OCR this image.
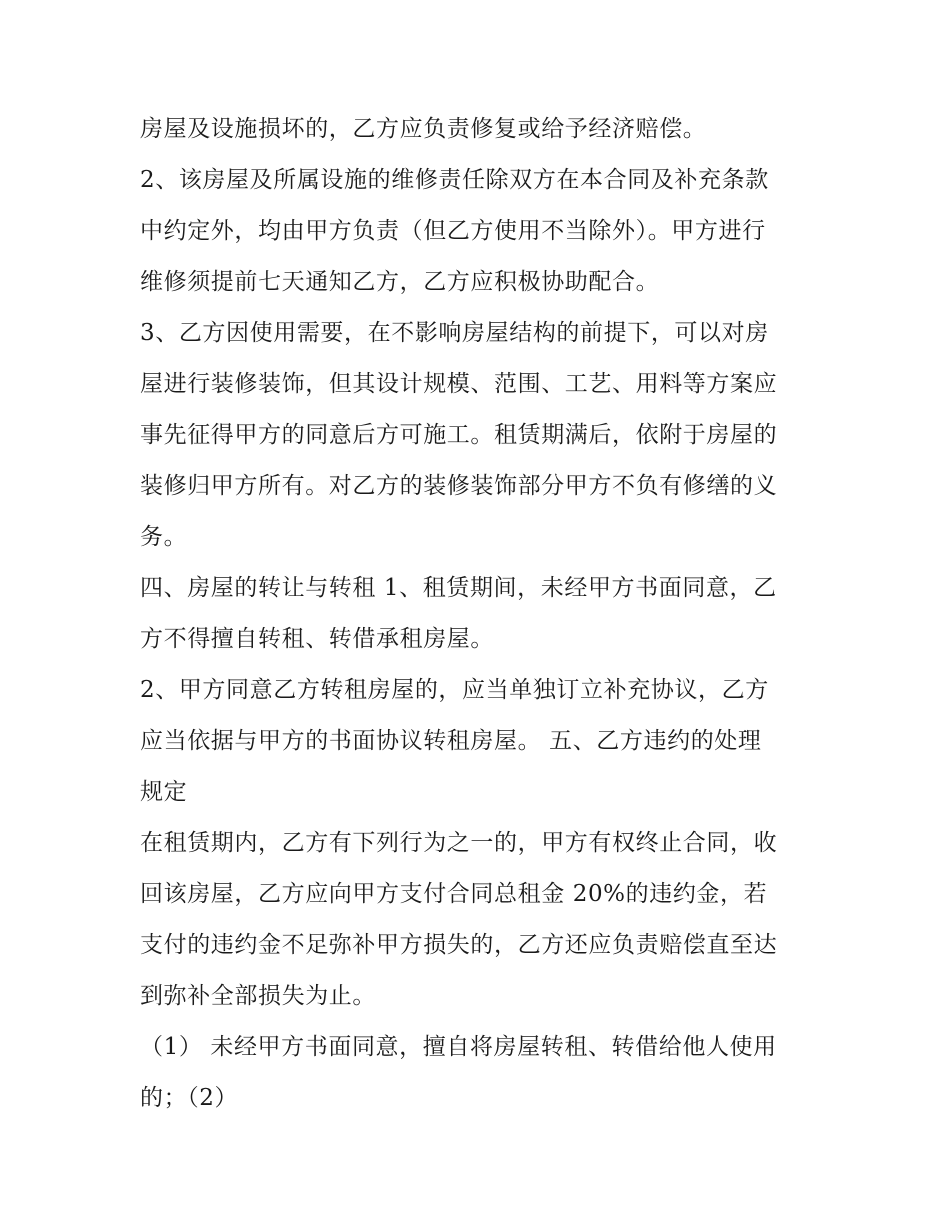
房屋及设施损坏的，乙方应负责修复或给予经济赔偿。
2、该房屋及所属设施的维修责任除双方在本合同及补充条款
中约定外，均由甲方负责（但乙方使用不当除外）。甲方进行
维修须提前七天通知乙方，乙方应积极协助配合。
3、乙方因使用需要，在不影响房屋结构的前提下，可以对房
屋进行装修装饰，但其设计规模、范围、工艺、用料等方案应
事先征得甲方的同意后方可施工。租赁期满后，依附于房屋的
装修归甲方所有。对乙方的装修装饰部分甲方不负有修缮的义
务。
四、房屋的转让与转租 1、租赁期间，未经甲方书面同意，乙
方不得擅自转租、转借承租房屋。
2、甲方同意乙方转租房屋的，应当单独订立补充协议，乙方
应当依据与甲方的书面协议转租房屋。 五、乙方违约的处理
规定
在租赁期内，乙方有下列行为之一的，甲方有权终止合同，收
回该房屋，乙方应向甲方支付合同总租金 20%的违约金，若
支付的违约金不足弥补甲方损失的，乙方还应负责赔偿直至达
到弥补全部损失为止。
（1） 未经甲方书面同意，擅自将房屋转租、转借给他人使用
的；（2）
